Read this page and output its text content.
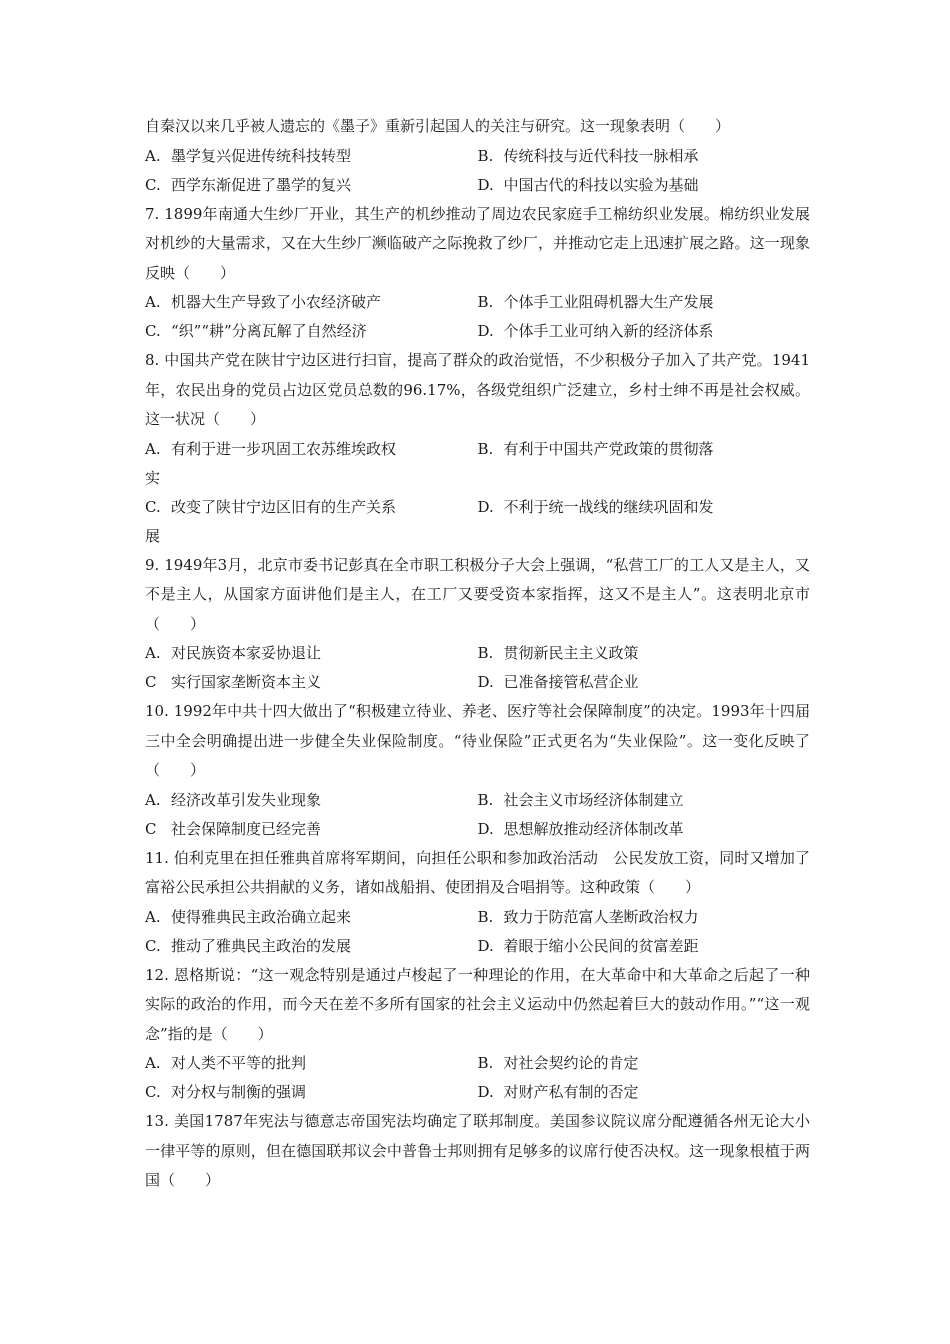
自秦汉以来几乎被人遗忘的《墨子》重新引起国人的关注与研究。这一现象表明（　　）
A. 墨学复兴促进传统科技转型	B. 传统科技与近代科技一脉相承
C. 西学东渐促进了墨学的复兴	D. 中国古代的科技以实验为基础
7. 1899年南通大生纱厂开业，其生产的机纱推动了周边农民家庭手工棉纺织业发展。棉纺织业发展对机纱的大量需求，又在大生纱厂濒临破产之际挽救了纱厂，并推动它走上迅速扩展之路。这一现象反映（　　）
A. 机器大生产导致了小农经济破产	B. 个体手工业阻碍机器大生产发展
C. “织”“耕”分离瓦解了自然经济	D. 个体手工业可纳入新的经济体系
8. 中国共产党在陕甘宁边区进行扫盲，提高了群众的政治觉悟，不少积极分子加入了共产党。1941年，农民出身的党员占边区党员总数的96.17%，各级党组织广泛建立，乡村士绅不再是社会权威。这一状况（　　）
A. 有利于进一步巩固工农苏维埃政权	B. 有利于中国共产党政策的贯彻落
实
C. 改变了陕甘宁边区旧有的生产关系	D. 不利于统一战线的继续巩固和发
展
9. 1949年3月，北京市委书记彭真在全市职工积极分子大会上强调，“私营工厂的工人又是主人，又不是主人，从国家方面讲他们是主人，在工厂又要受资本家指挥，这又不是主人”。这表明北京市（　　）
A. 对民族资本家妥协退让	B. 贯彻新民主主义政策
C 实行国家垄断资本主义	D. 已准备接管私营企业
10. 1992年中共十四大做出了“积极建立待业、养老、医疗等社会保障制度”的决定。1993年十四届三中全会明确提出进一步健全失业保险制度。“待业保险”正式更名为“失业保险”。这一变化反映了（　　）
A. 经济改革引发失业现象	B. 社会主义市场经济体制建立
C 社会保障制度已经完善	D. 思想解放推动经济体制改革
11. 伯利克里在担任雅典首席将军期间，向担任公职和参加政治活动　公民发放工资，同时又增加了富裕公民承担公共捐献的义务，诸如战船捐、使团捐及合唱捐等。这种政策（　　）
A. 使得雅典民主政治确立起来	B. 致力于防范富人垄断政治权力
C. 推动了雅典民主政治的发展	D. 着眼于缩小公民间的贫富差距
12. 恩格斯说：“这一观念特别是通过卢梭起了一种理论的作用，在大革命中和大革命之后起了一种实际的政治的作用，而今天在差不多所有国家的社会主义运动中仍然起着巨大的鼓动作用。”“这一观念”指的是（　　）
A. 对人类不平等的批判	B. 对社会契约论的肯定
C. 对分权与制衡的强调	D. 对财产私有制的否定
13. 美国1787年宪法与德意志帝国宪法均确定了联邦制度。美国参议院议席分配遵循各州无论大小一律平等的原则，但在德国联邦议会中普鲁士邦则拥有足够多的议席行使否决权。这一现象根植于两国（　　）
